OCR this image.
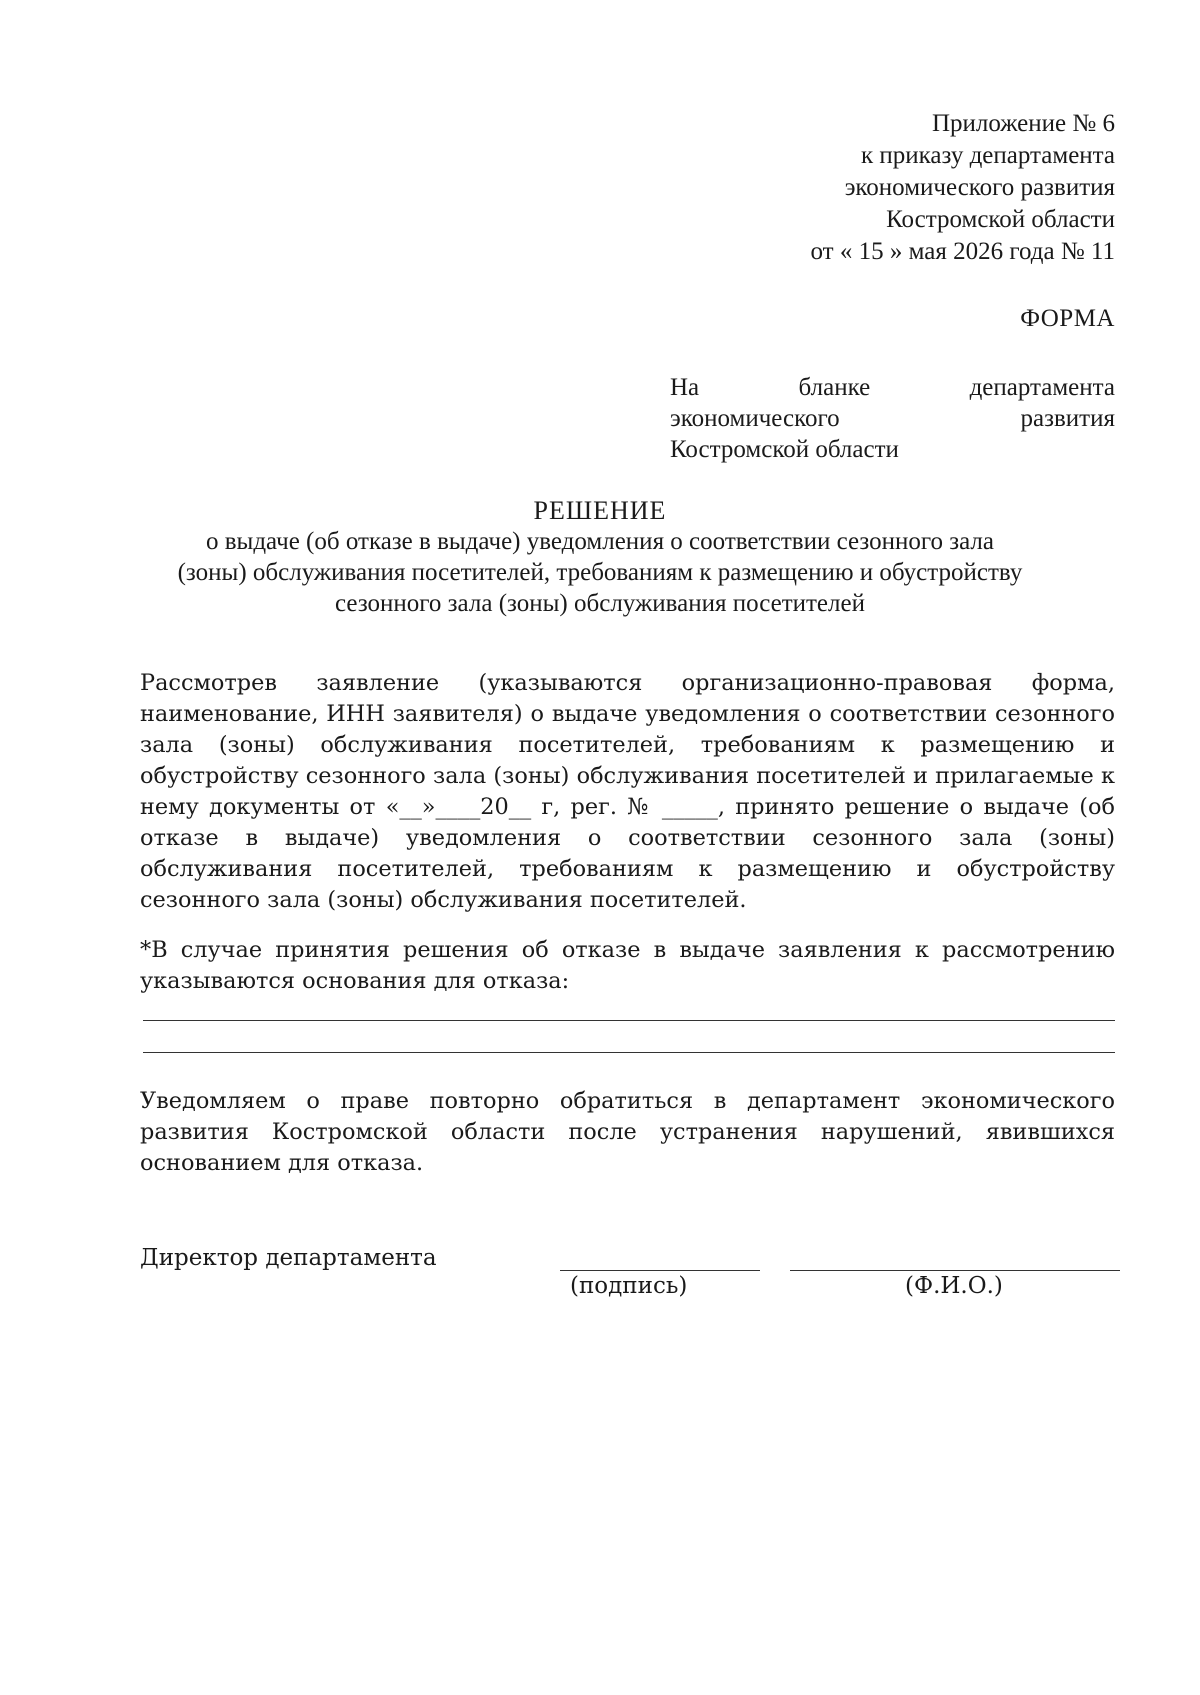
Приложение № 6
к приказу департамента
экономического развития
Костромской области
от « 15 » мая 2026 года № 11
ФОРМА
На	бланке	департамента
экономического	развития
Костромской области
РЕШЕНИЕ
о выдаче (об отказе в выдаче) уведомления о соответствии сезонного зала
(зоны) обслуживания посетителей, требованиям к размещению и обустройству
сезонного зала (зоны) обслуживания посетителей
Рассмотрев заявление (указываются организационно-правовая форма, наименование, ИНН заявителя) о выдаче уведомления о соответствии сезонного зала (зоны) обслуживания посетителей, требованиям к размещению и обустройству сезонного зала (зоны) обслуживания посетителей и прилагаемые к нему документы от «__»____20__ г, рег. № _____, принято решение о выдаче (об отказе в выдаче) уведомления о соответствии сезонного зала (зоны) обслуживания посетителей, требованиям к размещению и обустройству сезонного зала (зоны) обслуживания посетителей.
*В случае принятия решения об отказе в выдаче заявления к рассмотрению указываются основания для отказа:
Уведомляем о праве повторно обратиться в департамент экономического развития Костромской области после устранения нарушений, явившихся основанием для отказа.
Директор департамента
(подпись)	(Ф.И.О.)
